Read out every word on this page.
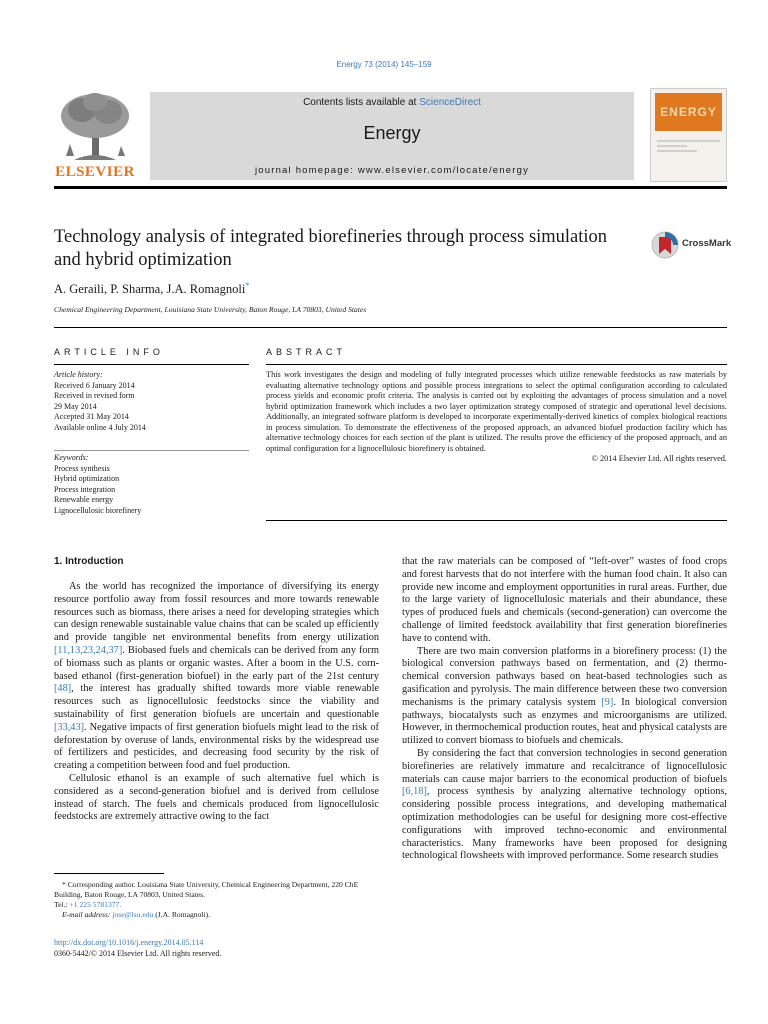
Energy 73 (2014) 145–159
ELSEVIER
Contents lists available at ScienceDirect
Energy
journal homepage: www.elsevier.com/locate/energy
ENERGY
Technology analysis of integrated biorefineries through process simulation and hybrid optimization
CrossMark
A. Geraili, P. Sharma, J.A. Romagnoli*
Chemical Engineering Department, Louisiana State University, Baton Rouge, LA 70803, United States
ARTICLE INFO	ABSTRACT
Article history:
Received 6 January 2014
Received in revised form
29 May 2014
Accepted 31 May 2014
Available online 4 July 2014
Keywords:
Process synthesis
Hybrid optimization
Process integration
Renewable energy
Lignocellulosic biorefinery
This work investigates the design and modeling of fully integrated processes which utilize renewable feedstocks as raw materials by evaluating alternative technology options and possible process integrations to select the optimal configuration according to calculated process yields and economic profit criteria. The analysis is carried out by exploiting the advantages of process simulation and a novel hybrid optimization framework which includes a two layer optimization strategy composed of strategic and operational level decisions. Additionally, an integrated software platform is developed to incorporate experimentally-derived kinetics of complex biological reactions in process simulation. To demonstrate the effectiveness of the proposed approach, an advanced biofuel production facility which has alternative technology choices for each section of the plant is utilized. The results prove the efficiency of the proposed approach, and an optimal configuration for a lignocellulosic biorefinery is obtained.
© 2014 Elsevier Ltd. All rights reserved.
1. Introduction

As the world has recognized the importance of diversifying its energy resource portfolio away from fossil resources and more towards renewable resources such as biomass, there arises a need for developing strategies which can design renewable sustainable value chains that can be scaled up efficiently and provide tangible net environmental benefits from energy utilization [11,13,23,24,37]. Biobased fuels and chemicals can be derived from any form of biomass such as plants or organic wastes. After a boom in the U.S. corn-based ethanol (first-generation biofuel) in the early part of the 21st century [48], the interest has gradually shifted towards more viable renewable resources such as lignocellulosic feedstocks since the viability and sustainability of first generation biofuels are uncertain and questionable [33,43]. Negative impacts of first generation biofuels might lead to the risk of deforestation by overuse of lands, environmental risks by the widespread use of fertilizers and pesticides, and decreasing food security by the risk of creating a competition between food and fuel production.

Cellulosic ethanol is an example of such alternative fuel which is considered as a second-generation biofuel and is derived from cellulose instead of starch. The fuels and chemicals produced from lignocellulosic feedstocks are extremely attractive owing to the fact

that the raw materials can be composed of “left-over” wastes of food crops and forest harvests that do not interfere with the human food chain. It also can provide new income and employment opportunities in rural areas. Further, due to the large variety of lignocellulosic materials and their abundance, these types of produced fuels and chemicals (second-generation) can overcome the challenge of limited feedstock availability that first generation biorefineries have to contend with.

There are two main conversion platforms in a biorefinery process: (1) the biological conversion pathways based on fermentation, and (2) thermo-chemical conversion pathways based on heat-based technologies such as gasification and pyrolysis. The main difference between these two conversion mechanisms is the primary catalysis system [9]. In biological conversion pathways, biocatalysts such as enzymes and microorganisms are utilized. However, in thermochemical production routes, heat and physical catalysts are utilized to convert biomass to biofuels and chemicals.

By considering the fact that conversion technologies in second generation biorefineries are relatively immature and recalcitrance of lignocellulosic materials can cause major barriers to the economical production of biofuels [6,18], process synthesis by analyzing alternative technology options, considering possible process integrations, and developing mathematical optimization methodologies can be useful for designing more cost-effective configurations with improved techno-economic and environmental characteristics. Many frameworks have been proposed for designing technological flowsheets with improved performance. Some research studies

* Corresponding author. Louisiana State University, Chemical Engineering Department, 220 ChE Building, Baton Rouge, LA 70803, United States.
Tel.: +1 225 5781377.
E-mail address: jose@lsu.edu (J.A. Romagnoli).
http://dx.doi.org/10.1016/j.energy.2014.05.114
0360-5442/© 2014 Elsevier Ltd. All rights reserved.
